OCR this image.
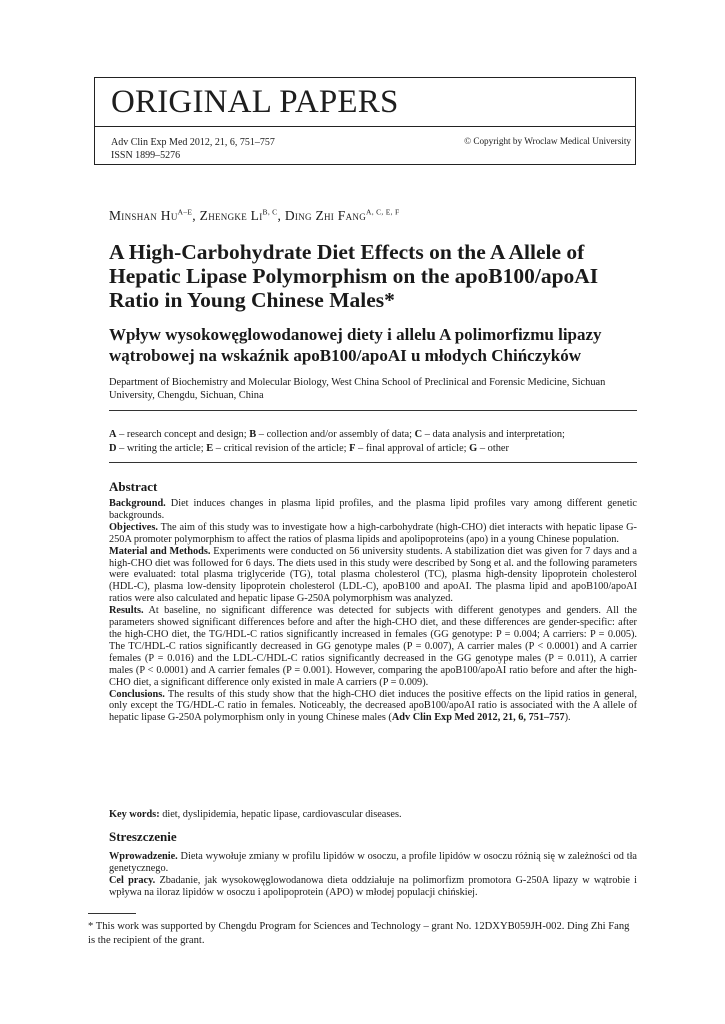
ORIGINAL PAPERS
Adv Clin Exp Med 2012, 21, 6, 751–757
ISSN 1899–5276
© Copyright by Wroclaw Medical University
Minshan $Hu^{A-E}$, Zhengke $Li^{B, C}$, Ding Zhi Fang$^{A, C, E, F}$
A High-Carbohydrate Diet Effects on the A Allele of Hepatic Lipase Polymorphism on the apoB100/apoAI Ratio in Young Chinese Males*
Wpływ wysokowęglowodanowej diety i allelu A polimorfizmu lipazy wątrobowej na wskaźnik apoB100/apoAI u młodych Chińczyków
Department of Biochemistry and Molecular Biology, West China School of Preclinical and Forensic Medicine, Sichuan University, Chengdu, Sichuan, China
A – research concept and design; B – collection and/or assembly of data; C – data analysis and interpretation;
D – writing the article; E – critical revision of the article; F – final approval of article; G – other
Abstract

Background. Diet induces changes in plasma lipid profiles, and the plasma lipid profiles vary among different genetic backgrounds.

Objectives. The aim of this study was to investigate how a high-carbohydrate (high-CHO) diet interacts with hepatic lipase G-250A promoter polymorphism to affect the ratios of plasma lipids and apolipoproteins (apo) in a young Chinese population.

Material and Methods. Experiments were conducted on 56 university students. A stabilization diet was given for 7 days and a high-CHO diet was followed for 6 days. The diets used in this study were described by Song et al. and the following parameters were evaluated: total plasma triglyceride (TG), total plasma cholesterol (TC), plasma high-density lipoprotein cholesterol (HDL-C), plasma low-density lipoprotein cholesterol (LDL-C), apoB100 and apoAI. The plasma lipid and apoB100/apoAI ratios were also calculated and hepatic lipase G-250A polymorphism was analyzed.

Results. At baseline, no significant difference was detected for subjects with different genotypes and genders. All the parameters showed significant differences before and after the high-CHO diet, and these differences are gender-specific: after the high-CHO diet, the TG/HDL-C ratios significantly increased in females (GG genotype: P = 0.004; A carriers: P = 0.005). The TC/HDL-C ratios significantly decreased in GG genotype males (P = 0.007), A carrier males (P < 0.0001) and A carrier females (P = 0.016) and the LDL-C/HDL-C ratios significantly decreased in the GG genotype males (P = 0.011), A carrier males (P < 0.0001) and A carrier females (P = 0.001). However, comparing the apoB100/apoAI ratio before and after the high-CHO diet, a significant difference only existed in male A carriers (P = 0.009).

Conclusions. The results of this study show that the high-CHO diet induces the positive effects on the lipid ratios in general, only except the TG/HDL-C ratio in females. Noticeably, the decreased apoB100/apoAI ratio is associated with the A allele of hepatic lipase G-250A polymorphism only in young Chinese males (Adv Clin Exp Med 2012, 21, 6, 751–757).

Key words: diet, dyslipidemia, hepatic lipase, cardiovascular diseases.
Streszczenie

Wprowadzenie. Dieta wywołuje zmiany w profilu lipidów w osoczu, a profile lipidów w osoczu różnią się w zależności od tła genetycznego.

Cel pracy. Zbadanie, jak wysokowęglowodanowa dieta oddziałuje na polimorfizm promotora G-250A lipazy w wątrobie i wpływa na iloraz lipidów w osoczu i apolipoprotein (APO) w młodej populacji chińskiej.

* This work was supported by Chengdu Program for Sciences and Technology – grant No. 12DXYB059JH-002. Ding Zhi Fang is the recipient of the grant.
